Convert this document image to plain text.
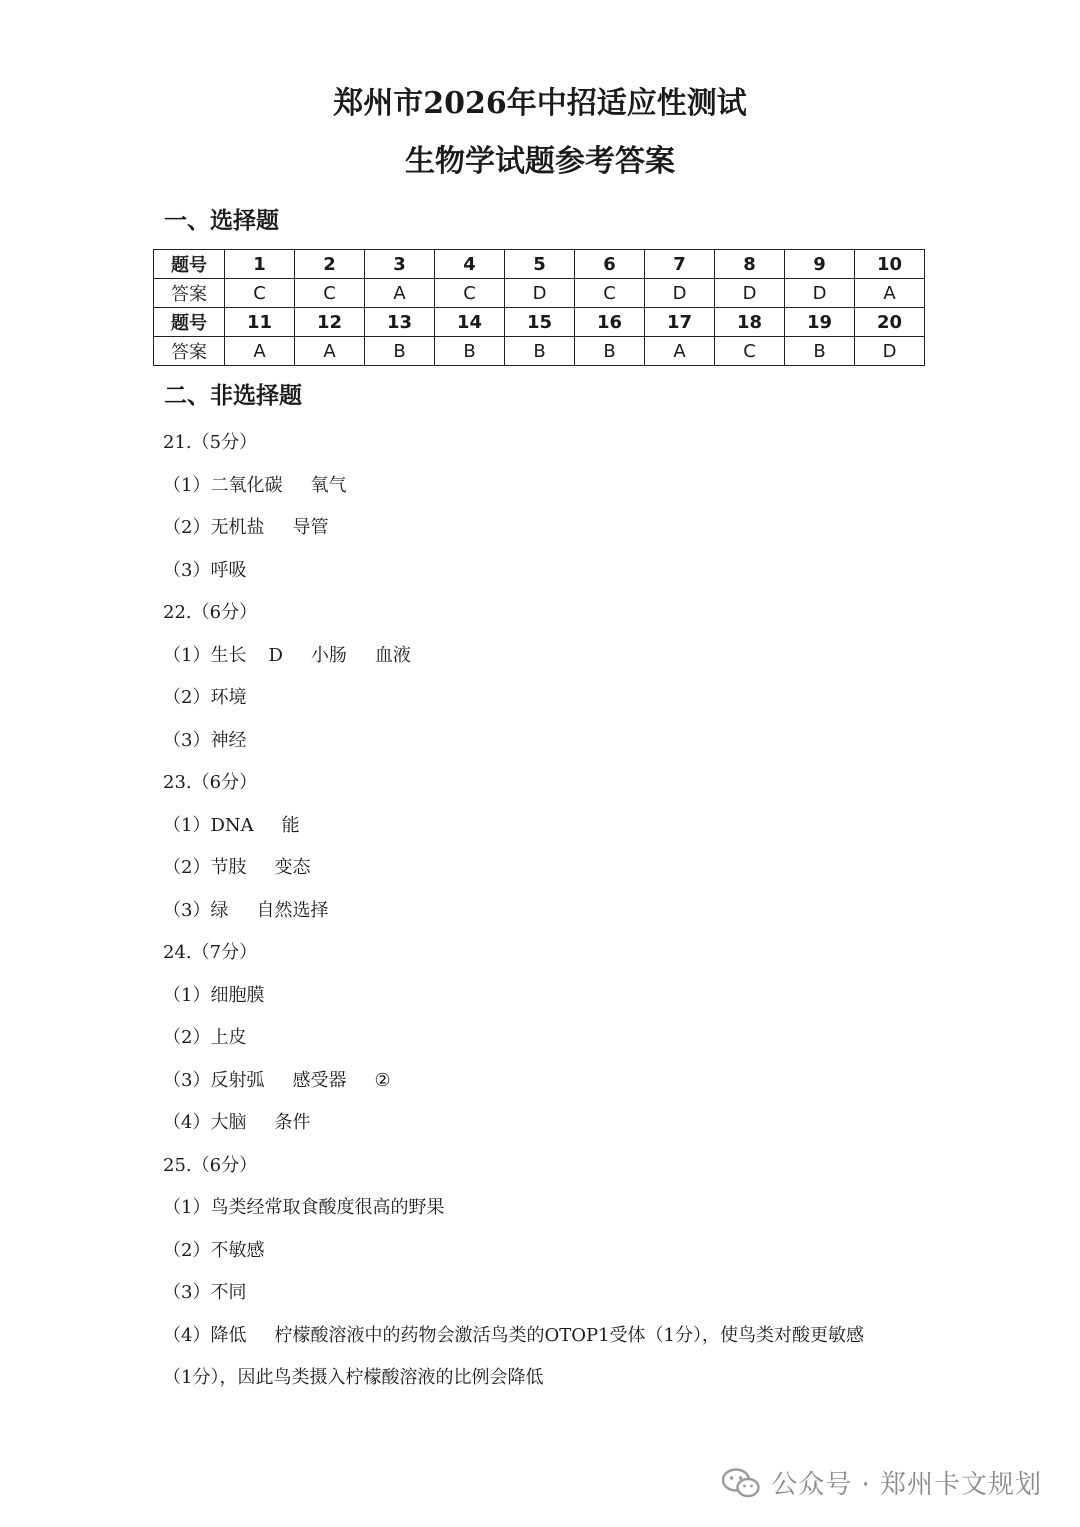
郑州市2026年中招适应性测试
生物学试题参考答案
一、选择题
题号	1	2	3	4	5	6	7	8	9	10
答案	C	C	A	C	D	C	D	D	D	A
题号	11	12	13	14	15	16	17	18	19	20
答案	A	A	B	B	B	B	A	C	B	D
二、非选择题
21.（5分）
（1）二氧化碳 氧气
（2）无机盐 导管
（3）呼吸
22.（6分）
（1）生长 D 小肠 血液
（2）环境
（3）神经
23.（6分）
（1）DNA 能
（2）节肢 变态
（3）绿 自然选择
24.（7分）
（1）细胞膜
（2）上皮
（3）反射弧 感受器 ②
（4）大脑 条件
25.（6分）
（1）鸟类经常取食酸度很高的野果
（2）不敏感
（3）不同
（4）降低 柠檬酸溶液中的药物会激活鸟类的OTOP1受体（1分），使鸟类对酸更敏感
（1分），因此鸟类摄入柠檬酸溶液的比例会降低
公众号 · 郑州卡文规划
